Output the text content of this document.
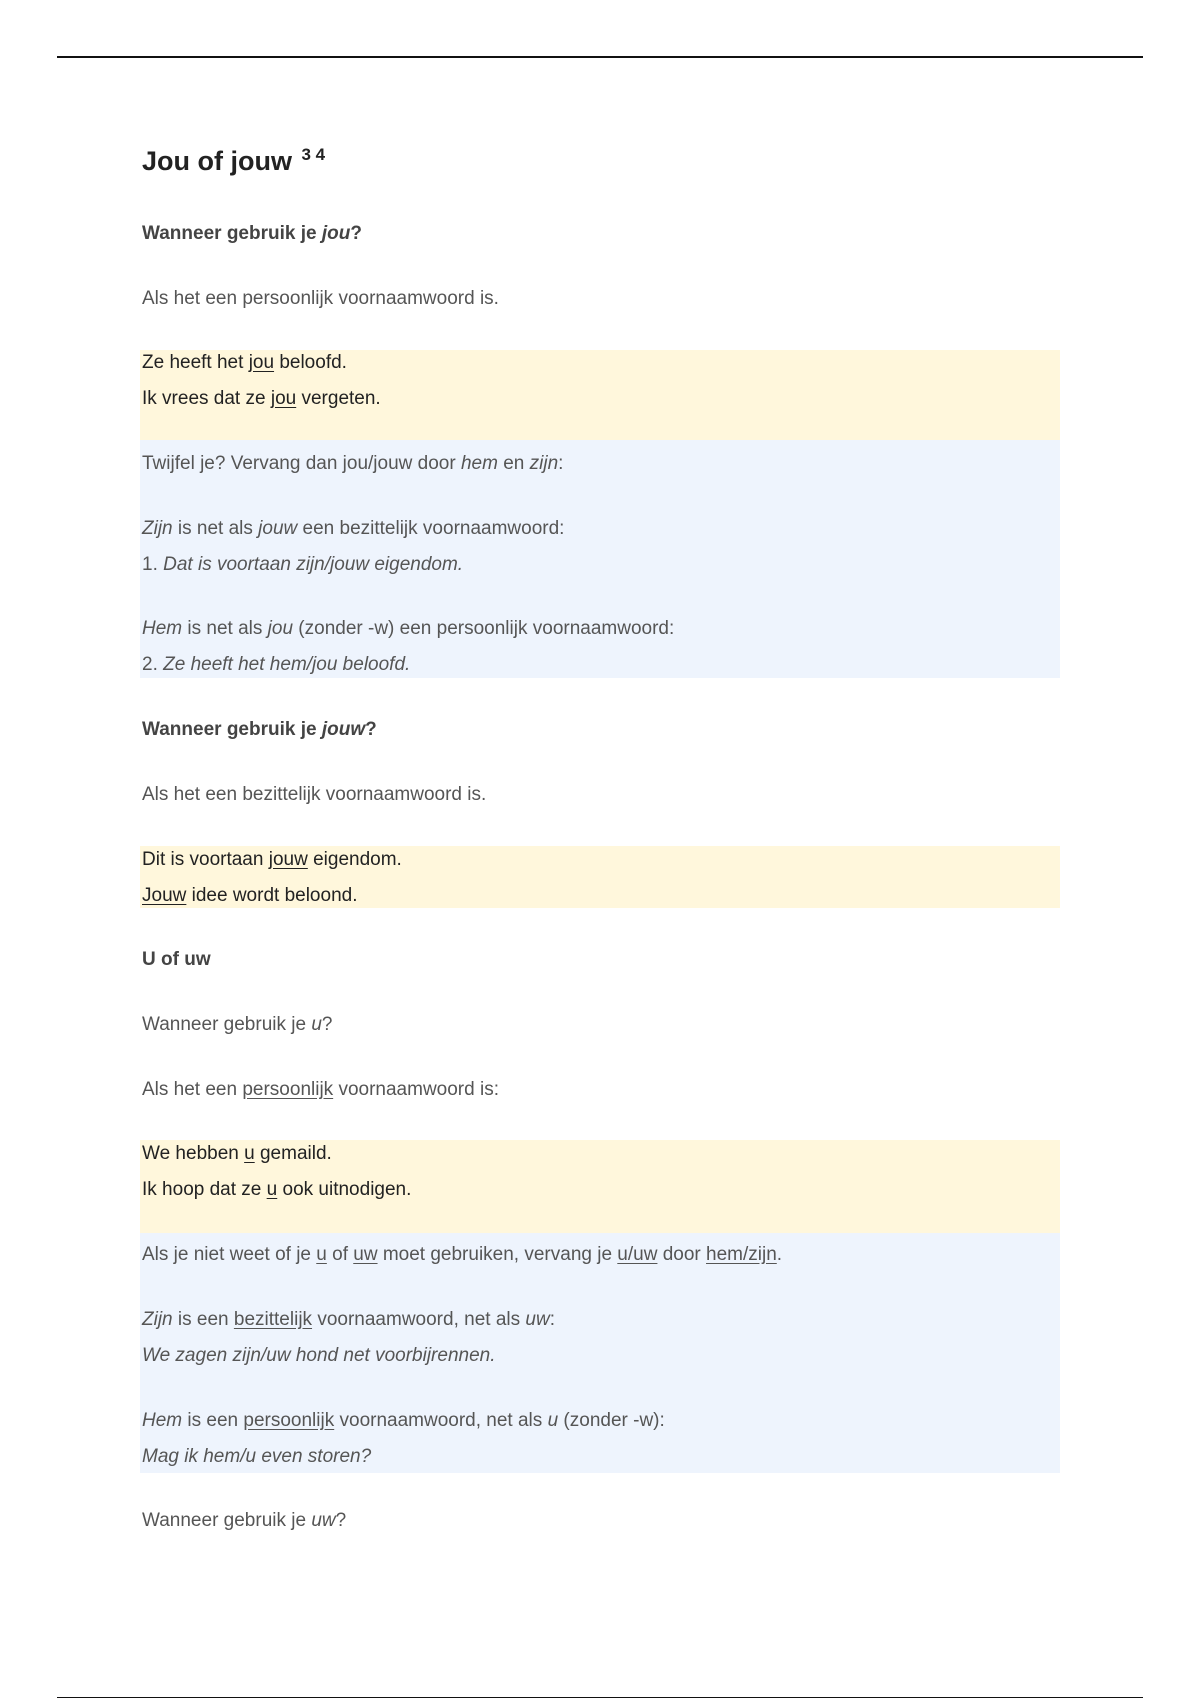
Jou of jouw $^{3 4}$
Wanneer gebruik je jou?
Als het een persoonlijk voornaamwoord is.
Ze heeft het jou beloofd.
Ik vrees dat ze jou vergeten.
Twijfel je? Vervang dan jou/jouw door hem en zijn:
Zijn is net als jouw een bezittelijk voornaamwoord:
1. Dat is voortaan zijn/jouw eigendom.
Hem is net als jou (zonder -w) een persoonlijk voornaamwoord:
2. Ze heeft het hem/jou beloofd.
Wanneer gebruik je jouw?
Als het een bezittelijk voornaamwoord is.
Dit is voortaan jouw eigendom.
Jouw idee wordt beloond.
U of uw
Wanneer gebruik je u?
Als het een persoonlijk voornaamwoord is:
We hebben u gemaild.
Ik hoop dat ze u ook uitnodigen.
Als je niet weet of je u of uw moet gebruiken, vervang je u/uw door hem/zijn.
Zijn is een bezittelijk voornaamwoord, net als uw:
We zagen zijn/uw hond net voorbijrennen.
Hem is een persoonlijk voornaamwoord, net als u (zonder -w):
Mag ik hem/u even storen?
Wanneer gebruik je uw?
